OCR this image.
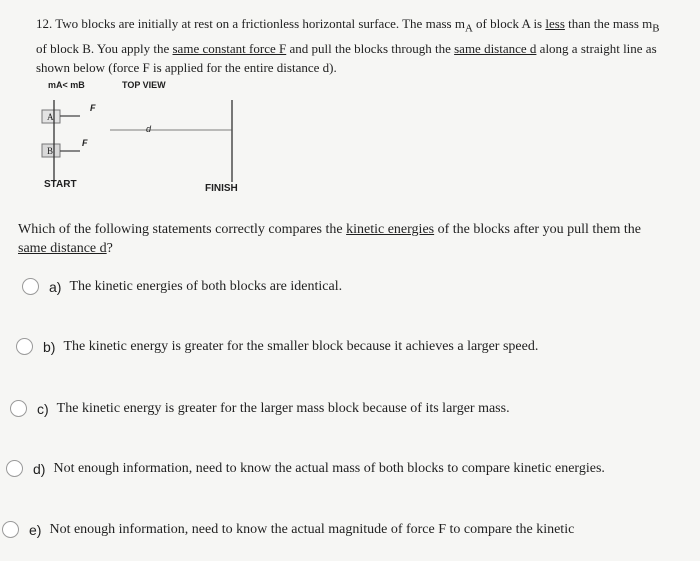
12. Two blocks are initially at rest on a frictionless horizontal surface. The mass $m_A$ of block A is less than the mass $m_B$ of block B. You apply the same constant force F and pull the blocks through the same distance d along a straight line as shown below (force F is applied for the entire distance d).
mA< mB	TOP VIEW
A
B
F
F
d
START	FINISH
Which of the following statements correctly compares the kinetic energies of the blocks after you pull them the same distance d?
a) The kinetic energies of both blocks are identical.
b) The kinetic energy is greater for the smaller block because it achieves a larger speed.
c) The kinetic energy is greater for the larger mass block because of its larger mass.
d) Not enough information, need to know the actual mass of both blocks to compare kinetic energies.
e) Not enough information, need to know the actual magnitude of force F to compare the kinetic
